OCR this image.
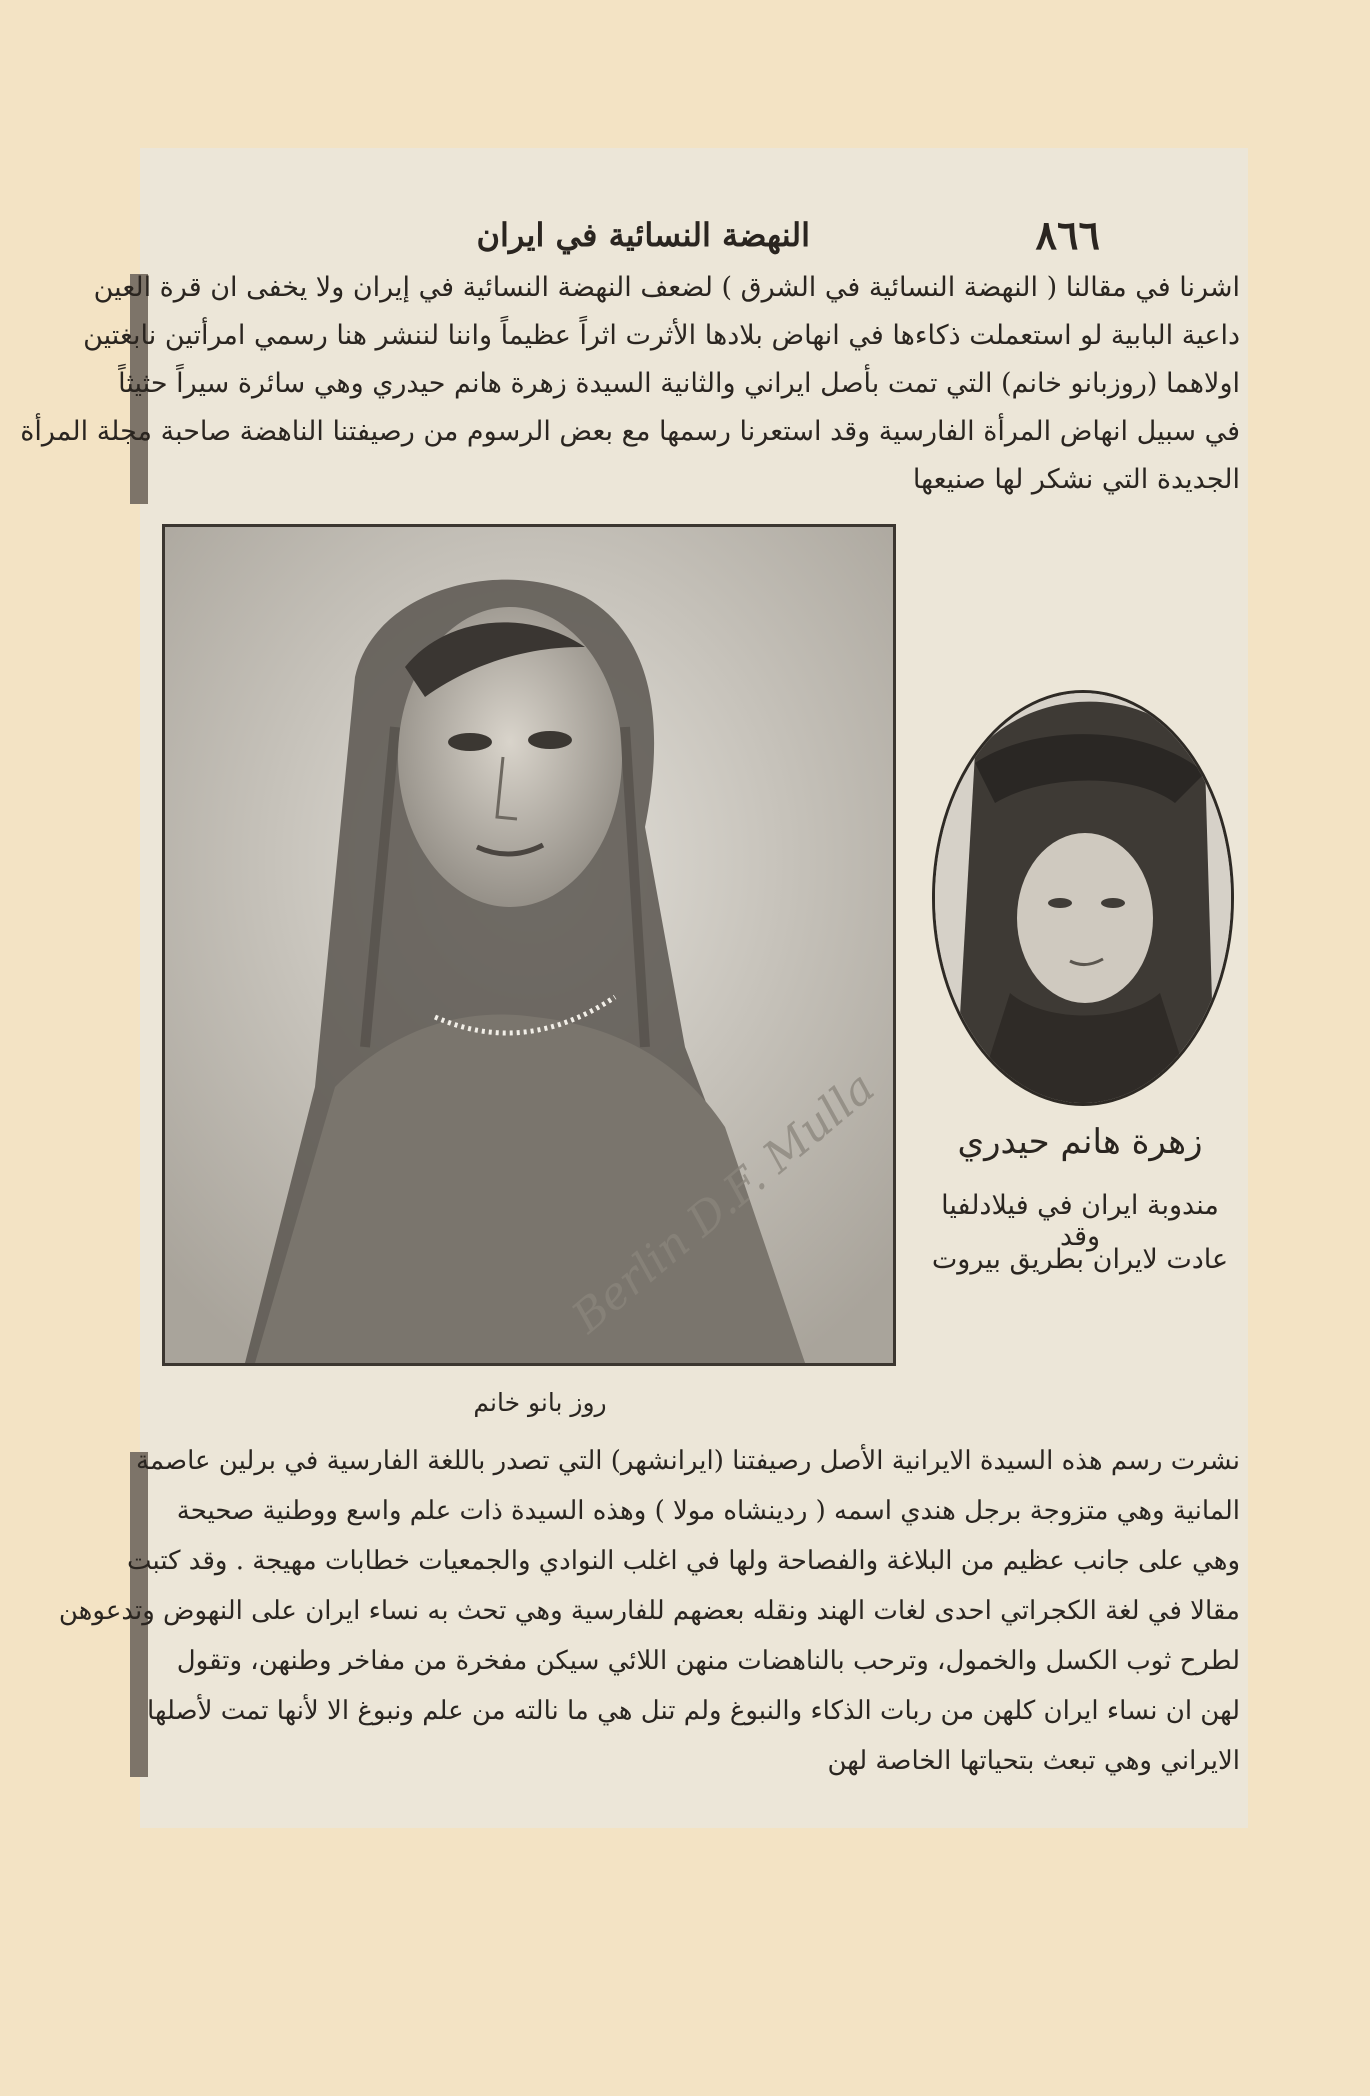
٨٦٦
النهضة النسائية في ايران
اشرنا في مقالنا ( النهضة النسائية في الشرق ) لضعف النهضة النسائية في إيران ولا يخفى ان قرة العين
داعية البابية لو استعملت ذكاءها في انهاض بلادها الأثرت اثراً عظيماً واننا لننشر هنا رسمي امرأتين نابغتين
اولاهما (روزبانو خانم) التي تمت بأصل ايراني والثانية السيدة زهرة هانم حيدري وهي سائرة سيراً حثيثاً
في سبيل انهاض المرأة الفارسية وقد استعرنا رسمها مع بعض الرسوم من رصيفتنا الناهضة صاحبة مجلة المرأة
الجديدة التي نشكر لها صنيعها
Berlin D.F. Mulla	زهرة هانم حيدري

مندوبة ايران في فيلادلفيا وقد

عادت لايران بطريق بيروت

روز بانو خانم

نشرت رسم هذه السيدة الايرانية الأصل رصيفتنا (ايرانشهر) التي تصدر باللغة الفارسية في برلين عاصمة
المانية وهي متزوجة برجل هندي اسمه ( ردينشاه مولا ) وهذه السيدة ذات علم واسع ووطنية صحيحة
وهي على جانب عظيم من البلاغة والفصاحة ولها في اغلب النوادي والجمعيات خطابات مهيجة . وقد كتبت
مقالا في لغة الكجراتي احدى لغات الهند ونقله بعضهم للفارسية وهي تحث به نساء ايران على النهوض وتدعوهن
لطرح ثوب الكسل والخمول، وترحب بالناهضات منهن اللائي سيكن مفخرة من مفاخر وطنهن، وتقول
لهن ان نساء ايران كلهن من ربات الذكاء والنبوغ ولم تنل هي ما نالته من علم ونبوغ الا لأنها تمت لأصلها
الايراني وهي تبعث بتحياتها الخاصة لهن
